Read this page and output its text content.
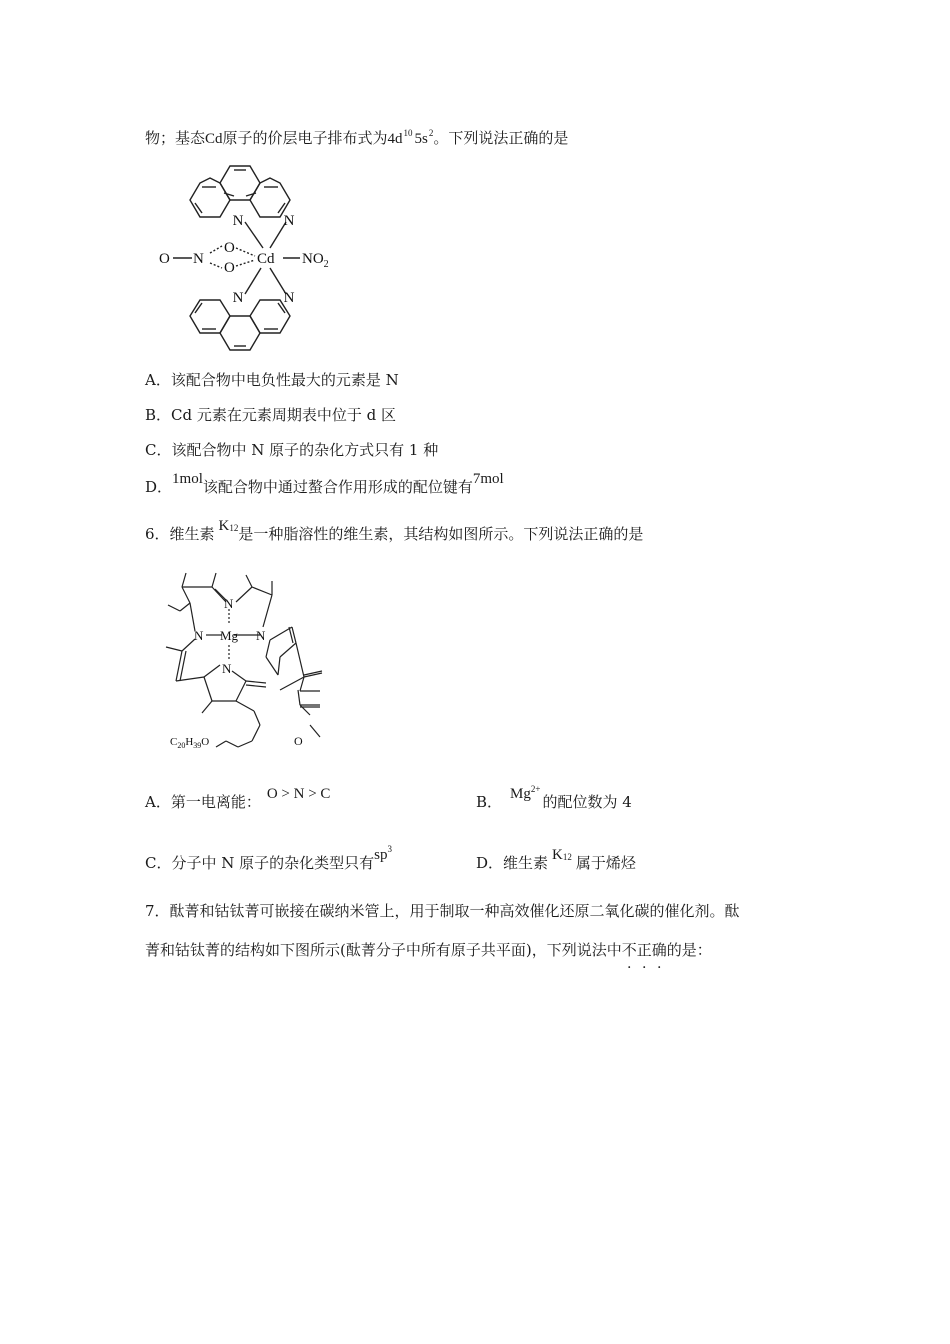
物；基态Cd原子的价层电子排布式为$4d^{10}$ $5s^2$。下列说法正确的是
N	N
N	N
O N
O
O
Cd $NO_2$
A．该配合物中电负性最大的元素是 N
B．Cd 元素在元素周期表中位于 d 区
C．该配合物中 N 原子的杂化方式只有 1 种
D．1mol该配合物中通过螯合作用形成的配位键有7mol
6．维生素 $K^{12}$是一种脂溶性的维生素，其结构如图所示。下列说法正确的是
N
N Mg N
N
$C_{20}H_{39}O$	O
A．第一电离能： O > N > C	B． $Mg^{2+}$的配位数为 4
C．分子中 N 原子的杂化类型只有$sp^3$
D．维生素 $K^{12}$ 属于烯烃
7．酞菁和钴钛菁可嵌接在碳纳米管上，用于制取一种高效催化还原二氧化碳的催化剂。酞
菁和钴钛菁的结构如下图所示(酞菁分子中所有原子共平面)，下列说法中不正确的是：
